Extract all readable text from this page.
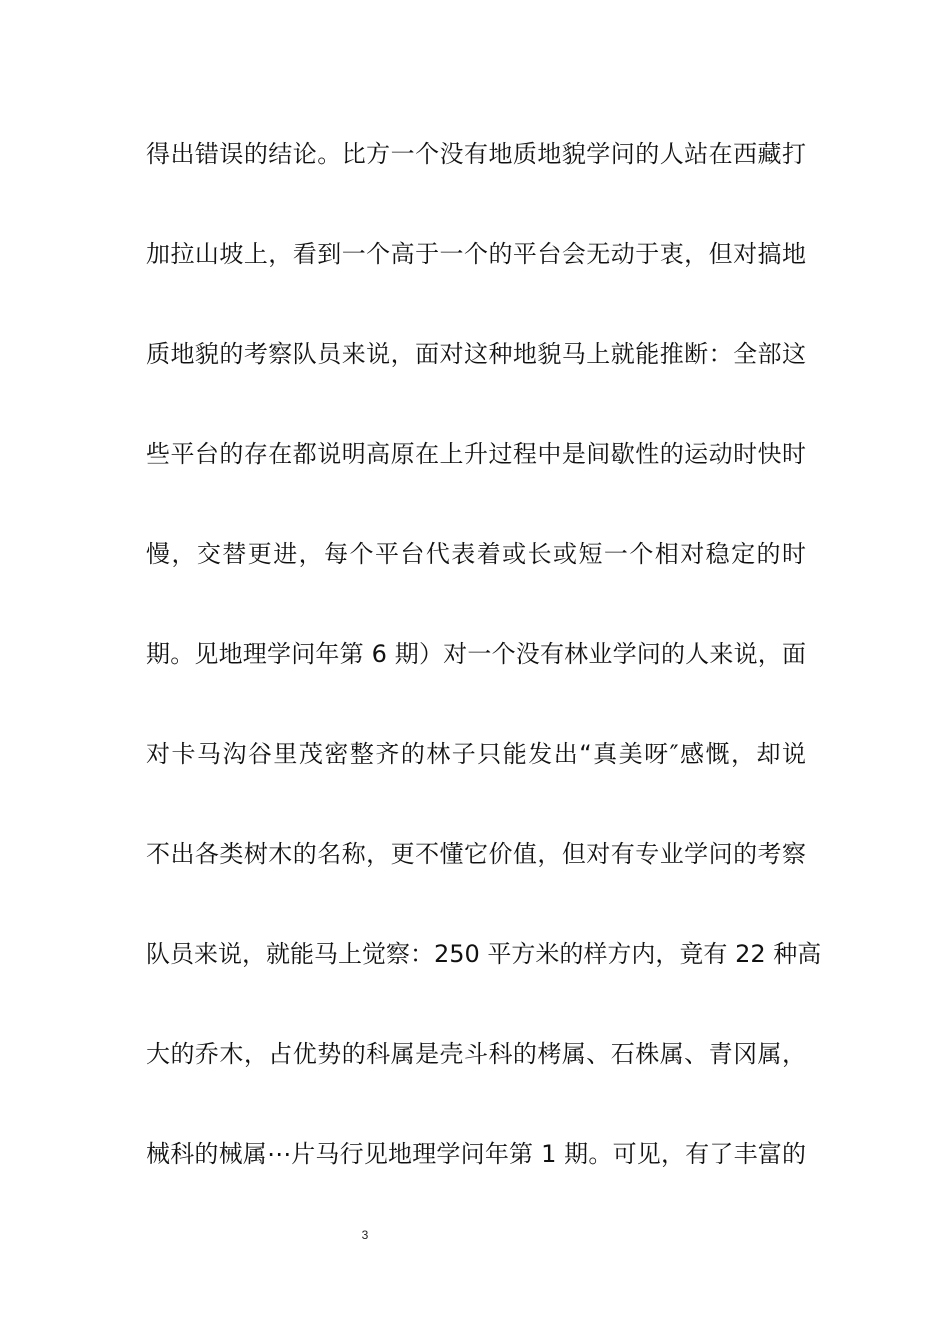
得出错误的结论。比方一个没有地质地貌学问的人站在西藏打
加拉山坡上，看到一个高于一个的平台会无动于衷，但对搞地
质地貌的考察队员来说，面对这种地貌马上就能推断：全部这
些平台的存在都说明高原在上升过程中是间歇性的运动时快时
慢，交替更进，每个平台代表着或长或短一个相对稳定的时
期。见地理学问年第 6 期）对一个没有林业学问的人来说，面
对卡马沟谷里茂密整齐的林子只能发出“真美呀″感慨，却说
不出各类树木的名称，更不懂它价值，但对有专业学问的考察
队员来说，就能马上觉察：250 平方米的样方内，竟有 22 种高
大的乔木，占优势的科属是壳斗科的栲属、石株属、青冈属，
械科的械属⋯片马行见地理学问年第 1 期。可见，有了丰富的
3
